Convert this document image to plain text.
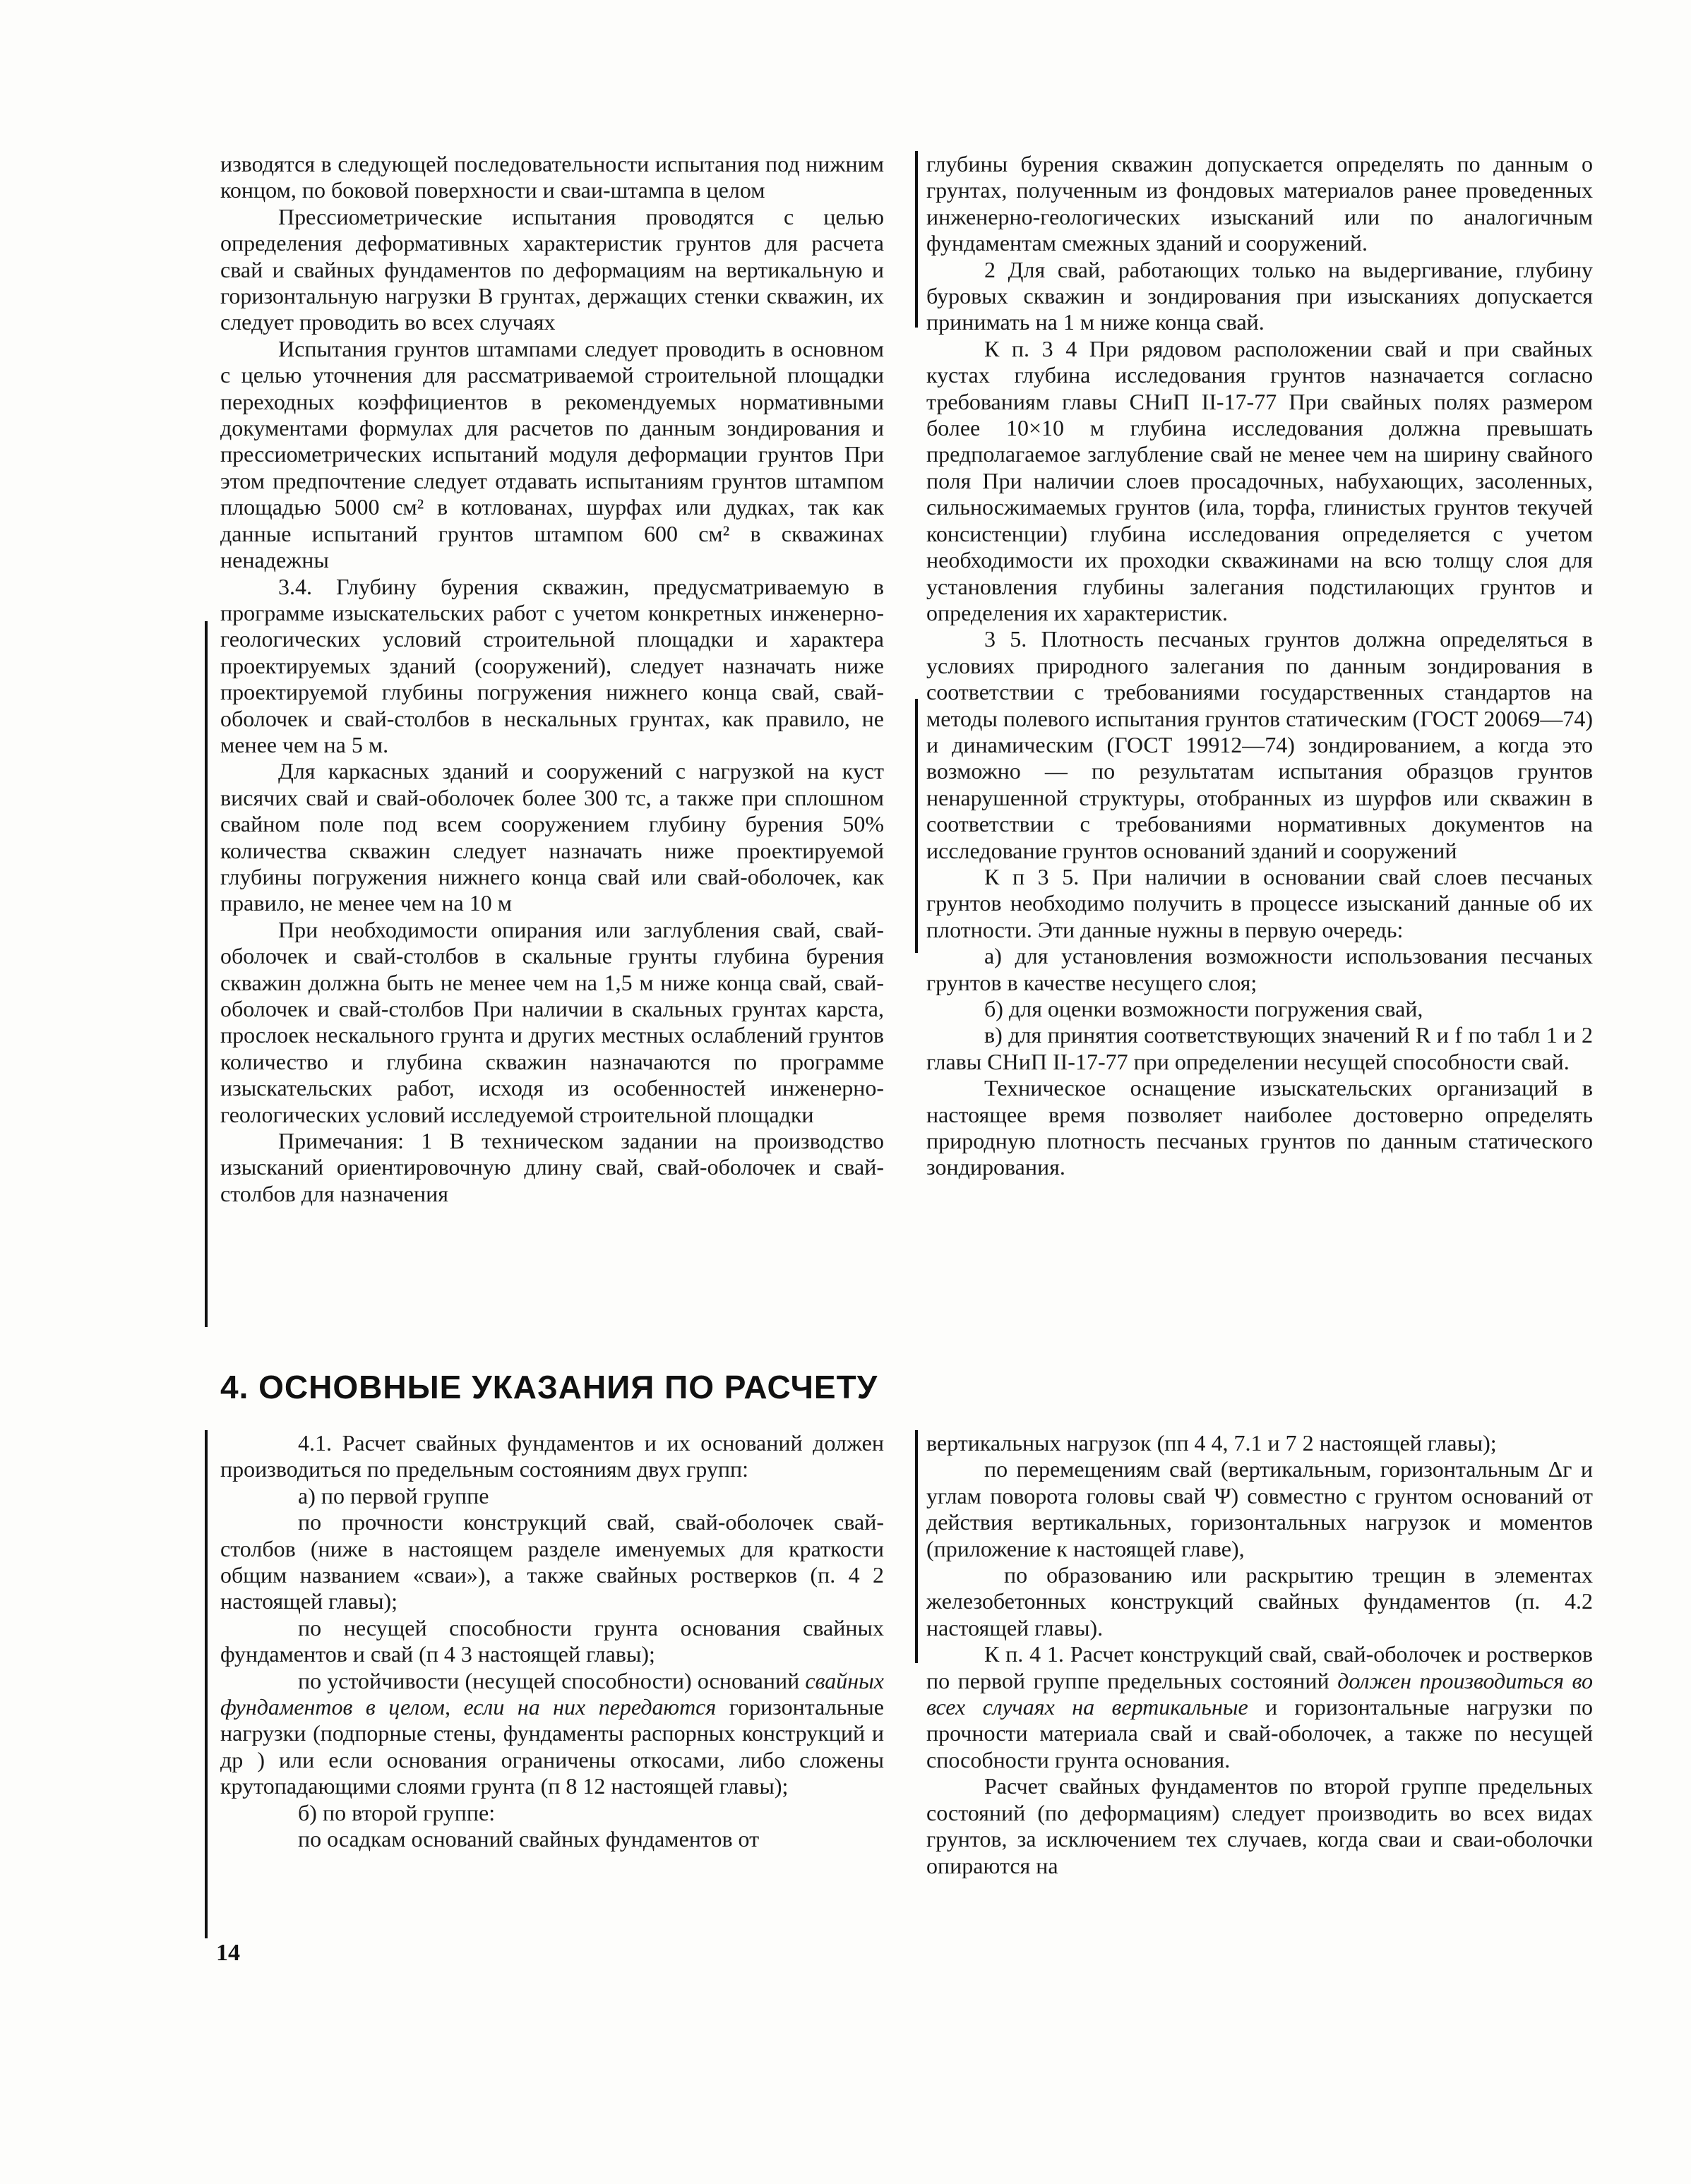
изводятся в следующей последовательности испытания под нижним концом, по боковой поверхности и сваи-штампа в целом

Прессиометрические испытания проводятся с целью определения деформативных характеристик грунтов для расчета свай и свайных фундаментов по деформациям на вертикальную и горизонтальную нагрузки В грунтах, держащих стенки скважин, их следует проводить во всех случаях

Испытания грунтов штампами следует проводить в основном с целью уточнения для рассматриваемой строительной площадки переходных коэффициентов в рекомендуемых нормативными документами формулах для расчетов по данным зондирования и прессиометрических испытаний модуля деформации грунтов При этом предпочтение следует отдавать испытаниям грунтов штампом площадью 5000 см² в котлованах, шурфах или дудках, так как данные испытаний грунтов штампом 600 см² в скважинах ненадежны

3.4. Глубину бурения скважин, предусматриваемую в программе изыскательских работ с учетом конкретных инженерно-геологических условий строительной площадки и характера проектируемых зданий (сооружений), следует назначать ниже проектируемой глубины погружения нижнего конца свай, свай-оболочек и свай-столбов в нескальных грунтах, как правило, не менее чем на 5 м.

Для каркасных зданий и сооружений с нагрузкой на куст висячих свай и свай-оболочек более 300 тс, а также при сплошном свайном поле под всем сооружением глубину бурения 50% количества скважин следует назначать ниже проектируемой глубины погружения нижнего конца свай или свай-оболочек, как правило, не менее чем на 10 м

При необходимости опирания или заглубления свай, свай-оболочек и свай-столбов в скальные грунты глубина бурения скважин должна быть не менее чем на 1,5 м ниже конца свай, свай-оболочек и свай-столбов При наличии в скальных грунтах карста, прослоек нескального грунта и других местных ослаблений грунтов количество и глубина скважин назначаются по программе изыскательских работ, исходя из особенностей инженерно-геологических условий исследуемой строительной площадки

Примечания: 1 В техническом задании на производство изысканий ориентировочную длину свай, свай-оболочек и свай-столбов для назначения

глубины бурения скважин допускается определять по данным о грунтах, полученным из фондовых материалов ранее проведенных инженерно-геологических изысканий или по аналогичным фундаментам смежных зданий и сооружений.

2 Для свай, работающих только на выдергивание, глубину буровых скважин и зондирования при изысканиях допускается принимать на 1 м ниже конца свай.

К п. 3 4 При рядовом расположении свай и при свайных кустах глубина исследования грунтов назначается согласно требованиям главы СНиП II-17-77 При свайных полях размером более 10×10 м глубина исследования должна превышать предполагаемое заглубление свай не менее чем на ширину свайного поля При наличии слоев просадочных, набухающих, засоленных, сильносжимаемых грунтов (ила, торфа, глинистых грунтов текучей консистенции) глубина исследования определяется с учетом необходимости их проходки скважинами на всю толщу слоя для установления глубины залегания подстилающих грунтов и определения их характеристик.

3 5. Плотность песчаных грунтов должна определяться в условиях природного залегания по данным зондирования в соответствии с требованиями государственных стандартов на методы полевого испытания грунтов статическим (ГОСТ 20069—74) и динамическим (ГОСТ 19912—74) зондированием, а когда это возможно — по результатам испытания образцов грунтов ненарушенной структуры, отобранных из шурфов или скважин в соответствии с требованиями нормативных документов на исследование грунтов оснований зданий и сооружений

К п 3 5. При наличии в основании свай слоев песчаных грунтов необходимо получить в процессе изысканий данные об их плотности. Эти данные нужны в первую очередь:

а) для установления возможности использования песчаных грунтов в качестве несущего слоя;

б) для оценки возможности погружения свай,

в) для принятия соответствующих значений R и f по табл 1 и 2 главы СНиП II-17-77 при определении несущей способности свай.

Техническое оснащение изыскательских организаций в настоящее время позволяет наиболее достоверно определять природную плотность песчаных грунтов по данным статического зондирования.

4. ОСНОВНЫЕ УКАЗАНИЯ ПО РАСЧЕТУ

4.1. Расчет свайных фундаментов и их оснований должен производиться по предельным состояниям двух групп:

а) по первой группе

по прочности конструкций свай, свай-оболочек свай-столбов (ниже в настоящем разделе именуемых для краткости общим названием «сваи»), а также свайных ростверков (п. 4 2 настоящей главы);

по несущей способности грунта основания свайных фундаментов и свай (п 4 3 настоящей главы);

по устойчивости (несущей способности) оснований свайных фундаментов в целом, если на них передаются горизонтальные нагрузки (подпорные стены, фундаменты распорных конструкций и др ) или если основания ограничены откосами, либо сложены крутопадающими слоями грунта (п 8 12 настоящей главы);

б) по второй группе:

по осадкам оснований свайных фундаментов от

вертикальных нагрузок (пп 4 4, 7.1 и 7 2 настоящей главы);

по перемещениям свай (вертикальным, горизонтальным Δг и углам поворота головы свай Ψ) совместно с грунтом оснований от действия вертикальных, горизонтальных нагрузок и моментов (приложение к настоящей главе),

по образованию или раскрытию трещин в элементах железобетонных конструкций свайных фундаментов (п. 4.2 настоящей главы).

К п. 4 1. Расчет конструкций свай, свай-оболочек и ростверков по первой группе предельных состояний должен производиться во всех случаях на вертикальные и горизонтальные нагрузки по прочности материала свай и свай-оболочек, а также по несущей способности грунта основания.

Расчет свайных фундаментов по второй группе предельных состояний (по деформациям) следует производить во всех видах грунтов, за исключением тех случаев, когда сваи и сваи-оболочки опираются на

14
